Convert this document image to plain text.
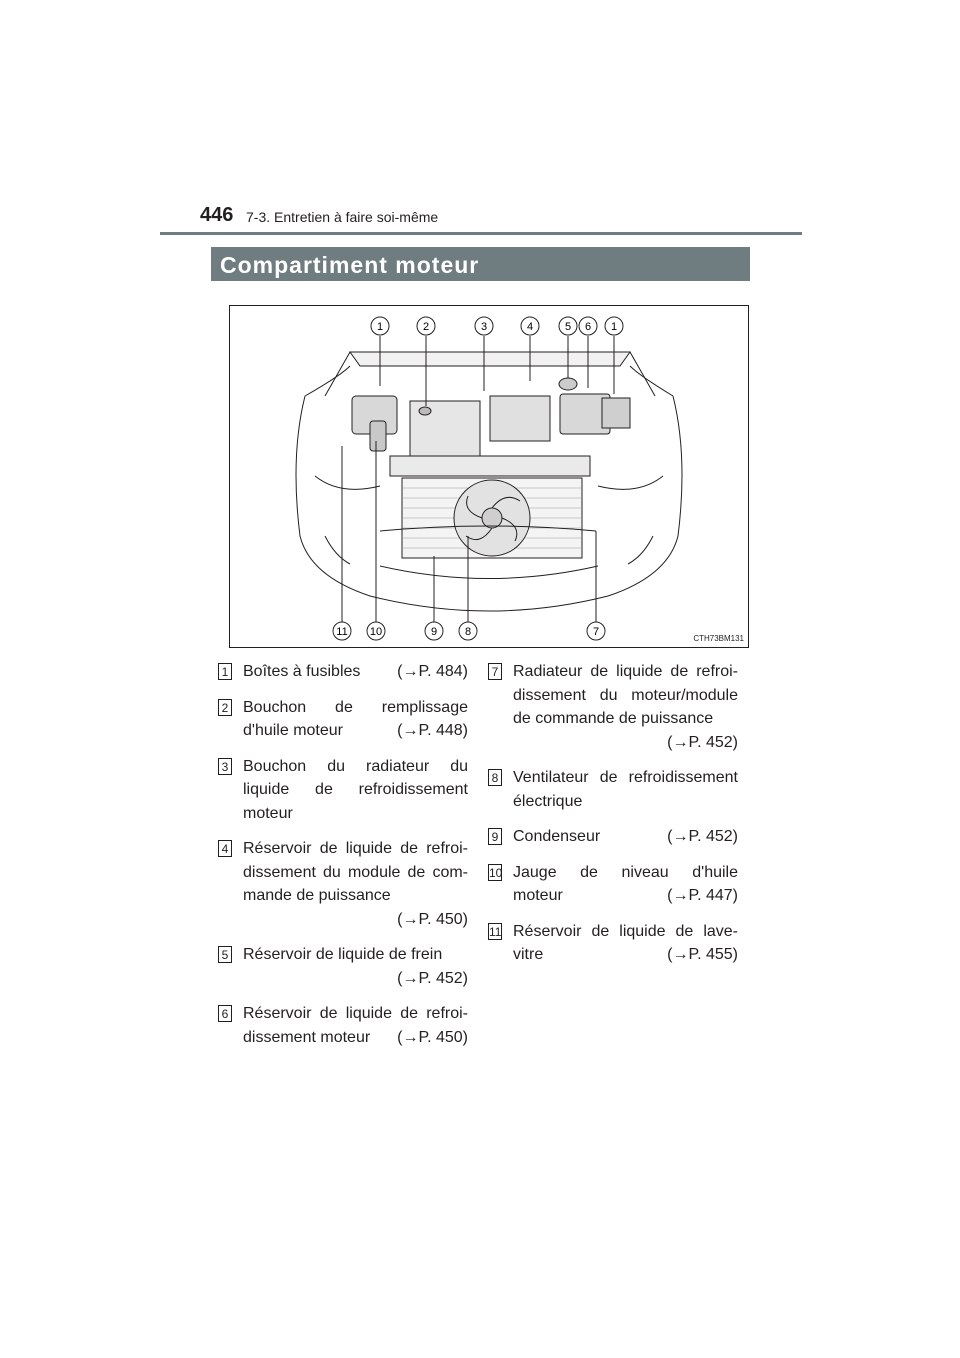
446 7-3. Entretien à faire soi-même
Compartiment moteur
1	2	3	4	5 6 1
11 10	9	8	7
CTH73BM131
1 Boîtes à fusibles (→P. 484)
2 Bouchon de remplissage
d'huile moteur	(→P. 448)
3 Bouchon du radiateur du
liquide de refroidissement
moteur
4 Réservoir de liquide de refroi-
dissement du module de com-
mande de puissance
(→P. 450)
5 Réservoir de liquide de frein
(→P. 452)
6 Réservoir de liquide de refroi-
dissement moteur (→P. 450)
7 Radiateur de liquide de refroi-
dissement du moteur/module
de commande de puissance
(→P. 452)
8 Ventilateur de refroidissement
électrique
9 Condenseur	(→P. 452)
10 Jauge de niveau d'huile
moteur	(→P. 447)
11 Réservoir de liquide de lave-
vitre	(→P. 455)
